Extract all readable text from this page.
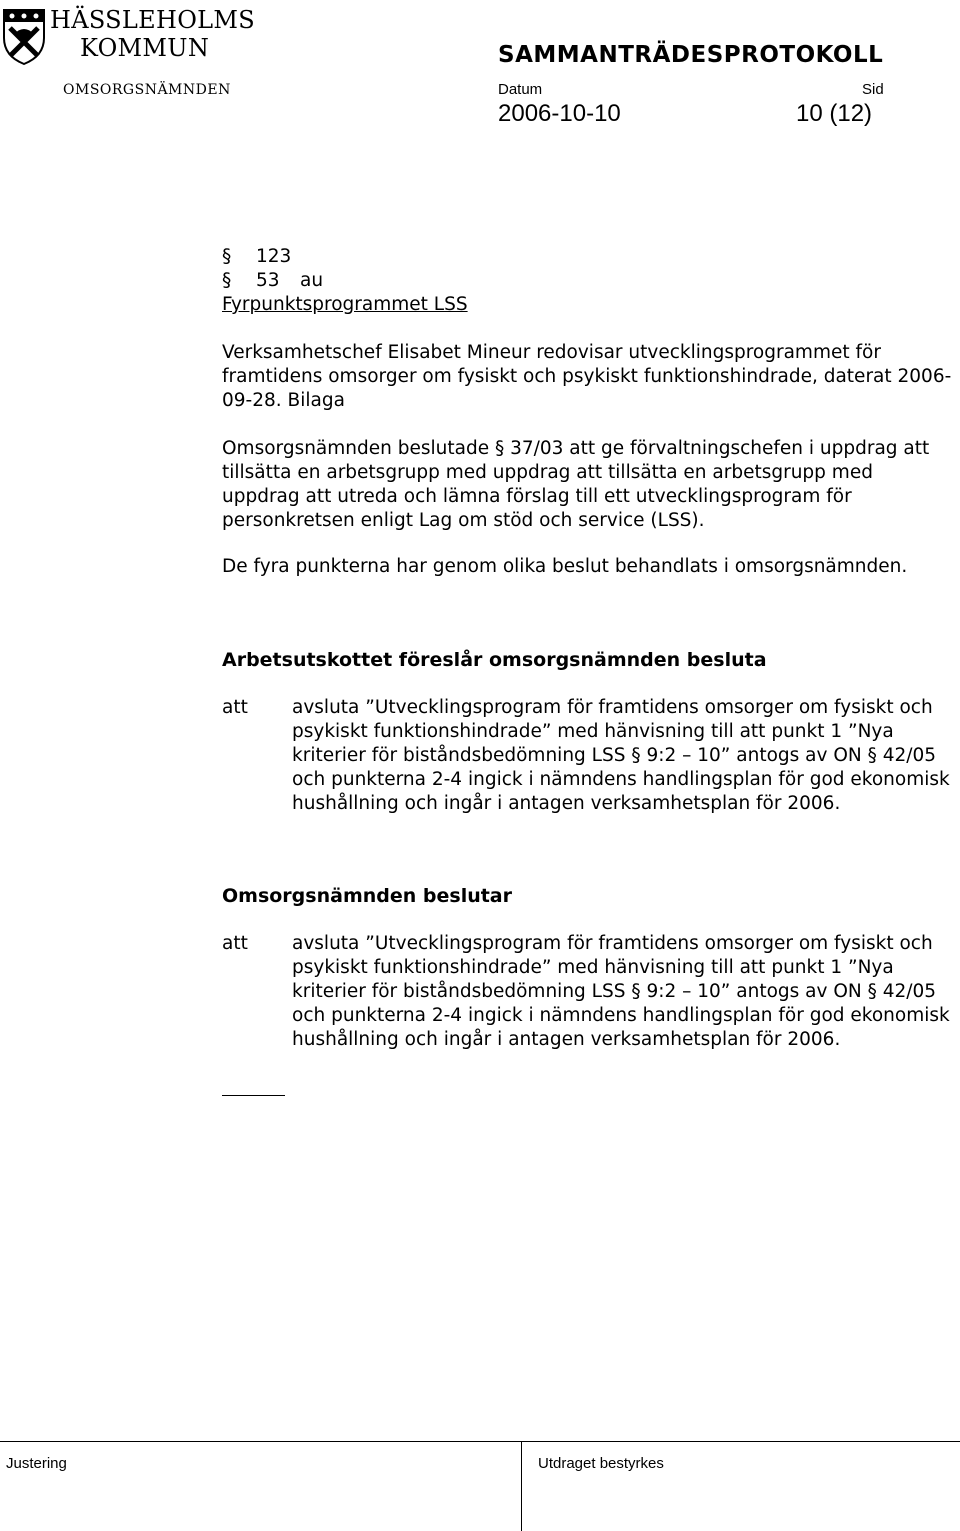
HÄSSLEHOLMS
KOMMUN
OMSORGSNÄMNDEN
SAMMANTRÄDESPROTOKOLL
Datum	Sid
2006-10-10	10 (12)
§ 123
§ 53 au
Fyrpunktsprogrammet LSS
Verksamhetschef Elisabet Mineur redovisar utvecklingsprogrammet för framtidens omsorger om fysiskt och psykiskt funktionshindrade, daterat 2006-09-28. Bilaga

Omsorgsnämnden beslutade § 37/03 att ge förvaltningschefen i uppdrag att tillsätta en arbetsgrupp med uppdrag att tillsätta en arbetsgrupp med uppdrag att utreda och lämna förslag till ett utvecklingsprogram för personkretsen enligt Lag om stöd och service (LSS).

De fyra punkterna har genom olika beslut behandlats i omsorgsnämnden.

Arbetsutskottet föreslår omsorgsnämnden besluta
att avsluta ”Utvecklingsprogram för framtidens omsorger om fysiskt och psykiskt funktionshindrade” med hänvisning till att punkt 1 ”Nya kriterier för biståndsbedömning LSS § 9:2 – 10” antogs av ON § 42/05 och punkterna 2-4 ingick i nämndens handlingsplan för god ekonomisk hushållning och ingår i antagen verksamhetsplan för 2006.
Omsorgsnämnden beslutar
att avsluta ”Utvecklingsprogram för framtidens omsorger om fysiskt och psykiskt funktionshindrade” med hänvisning till att punkt 1 ”Nya kriterier för biståndsbedömning LSS § 9:2 – 10” antogs av ON § 42/05 och punkterna 2-4 ingick i nämndens handlingsplan för god ekonomisk hushållning och ingår i antagen verksamhetsplan för 2006.
Justering	Utdraget bestyrkes
